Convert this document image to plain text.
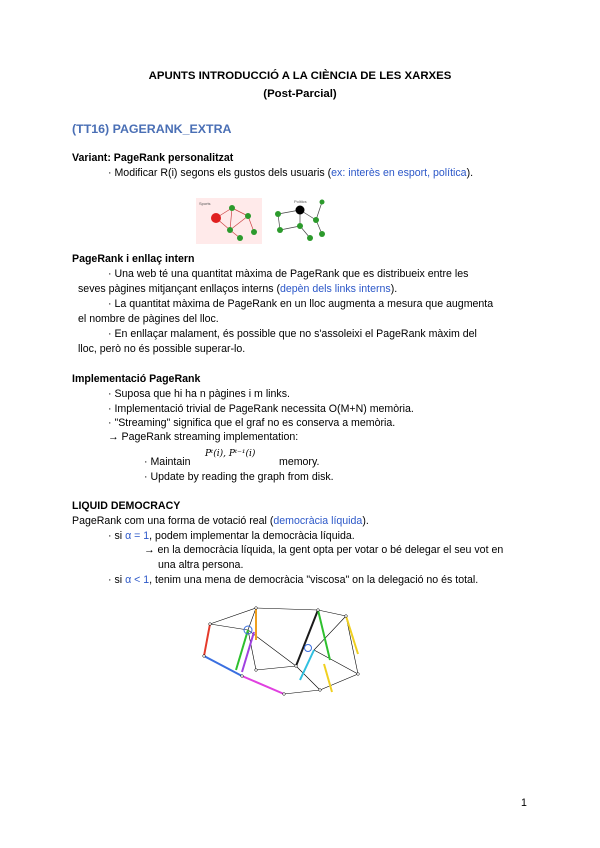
APUNTS INTRODUCCIÓ A LA CIÈNCIA DE LES XARXES
(Post-Parcial)
(TT16) PAGERANK_EXTRA
Variant: PageRank personalitzat
· Modificar R(i) segons els gustos dels usuaris (ex: interès en esport, política).
Sports	Politics
PageRank i enllaç intern
· Una web té una quantitat màxima de PageRank que es distribueix entre les
seves pàgines mitjançant enllaços interns (depèn dels links interns).
· La quantitat màxima de PageRank en un lloc augmenta a mesura que augmenta
el nombre de pàgines del lloc.
· En enllaçar malament, és possible que no s'assoleixi el PageRank màxim del
lloc, però no és possible superar-lo.
Implementació PageRank
· Suposa que hi ha n pàgines i m links.
· Implementació trivial de PageRank necessita O(M+N) memòria.
· "Streaming" significa que el graf no es conserva a memòria.
→ PageRank streaming implementation:
· Maintain
Pᵗ(i), Pᵗ⁻¹(i)
memory.
· Update by reading the graph from disk.
LIQUID DEMOCRACY
PageRank com una forma de votació real (democràcia líquida).
· si α = 1, podem implementar la democràcia líquida.
→ en la democràcia líquida, la gent opta per votar o bé delegar el seu vot en
una altra persona.
· si α < 1, tenim una mena de democràcia "viscosa" on la delegació no és total.
1
